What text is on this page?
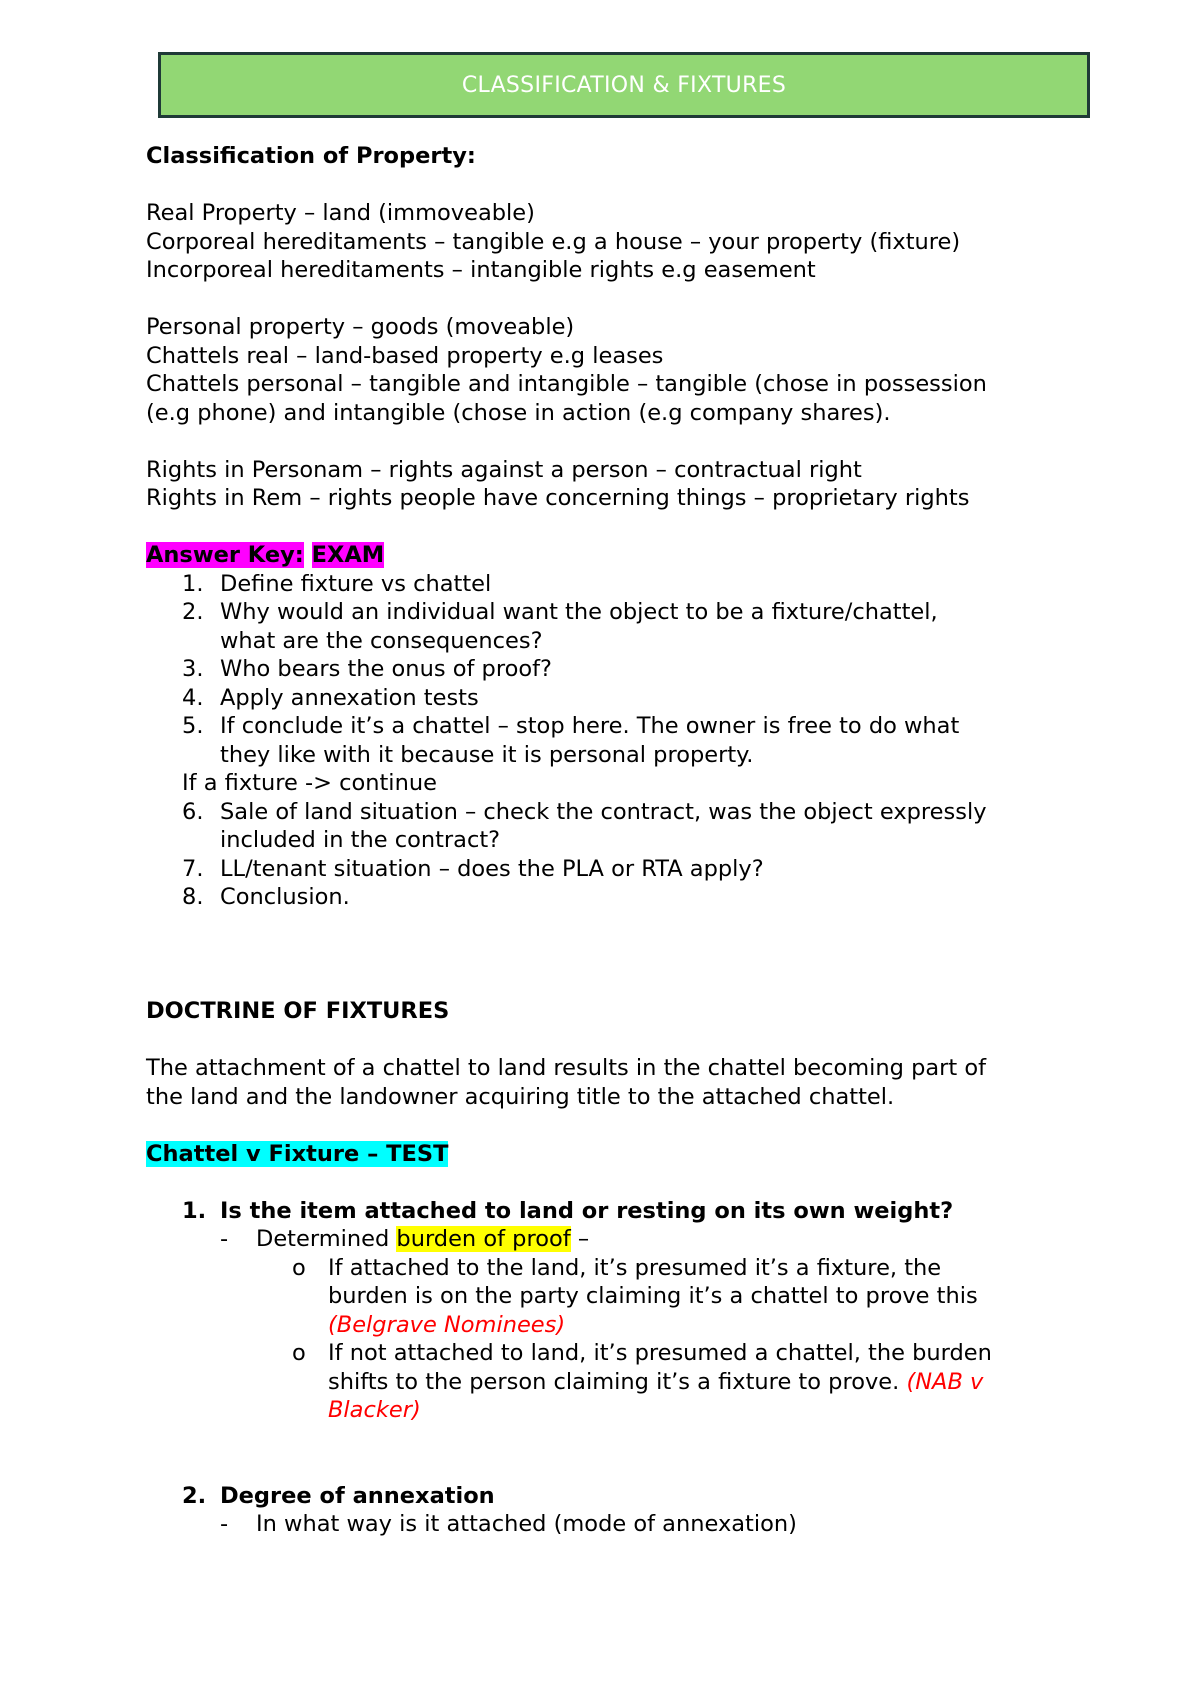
CLASSIFICATION & FIXTURES
Classification of Property:
Real Property – land (immoveable)
Corporeal hereditaments – tangible e.g a house – your property (fixture)
Incorporeal hereditaments – intangible rights e.g easement
Personal property – goods (moveable)
Chattels real – land-based property e.g leases
Chattels personal – tangible and intangible – tangible (chose in possession
(e.g phone) and intangible (chose in action (e.g company shares).
Rights in Personam – rights against a person – contractual right
Rights in Rem – rights people have concerning things – proprietary rights
Answer Key: EXAM
1. Define fixture vs chattel
2. Why would an individual want the object to be a fixture/chattel,
what are the consequences?
3. Who bears the onus of proof?
4. Apply annexation tests
5. If conclude it’s a chattel – stop here. The owner is free to do what
they like with it because it is personal property.
If a fixture -> continue
6. Sale of land situation – check the contract, was the object expressly
included in the contract?
7. LL/tenant situation – does the PLA or RTA apply?
8. Conclusion.
DOCTRINE OF FIXTURES
The attachment of a chattel to land results in the chattel becoming part of
the land and the landowner acquiring title to the attached chattel.
Chattel v Fixture – TEST
1. Is the item attached to land or resting on its own weight?
- Determined burden of proof –
o If attached to the land, it’s presumed it’s a fixture, the
burden is on the party claiming it’s a chattel to prove this
(Belgrave Nominees)
o If not attached to land, it’s presumed a chattel, the burden
shifts to the person claiming it’s a fixture to prove. (NAB v
Blacker)
2. Degree of annexation
- In what way is it attached (mode of annexation)
